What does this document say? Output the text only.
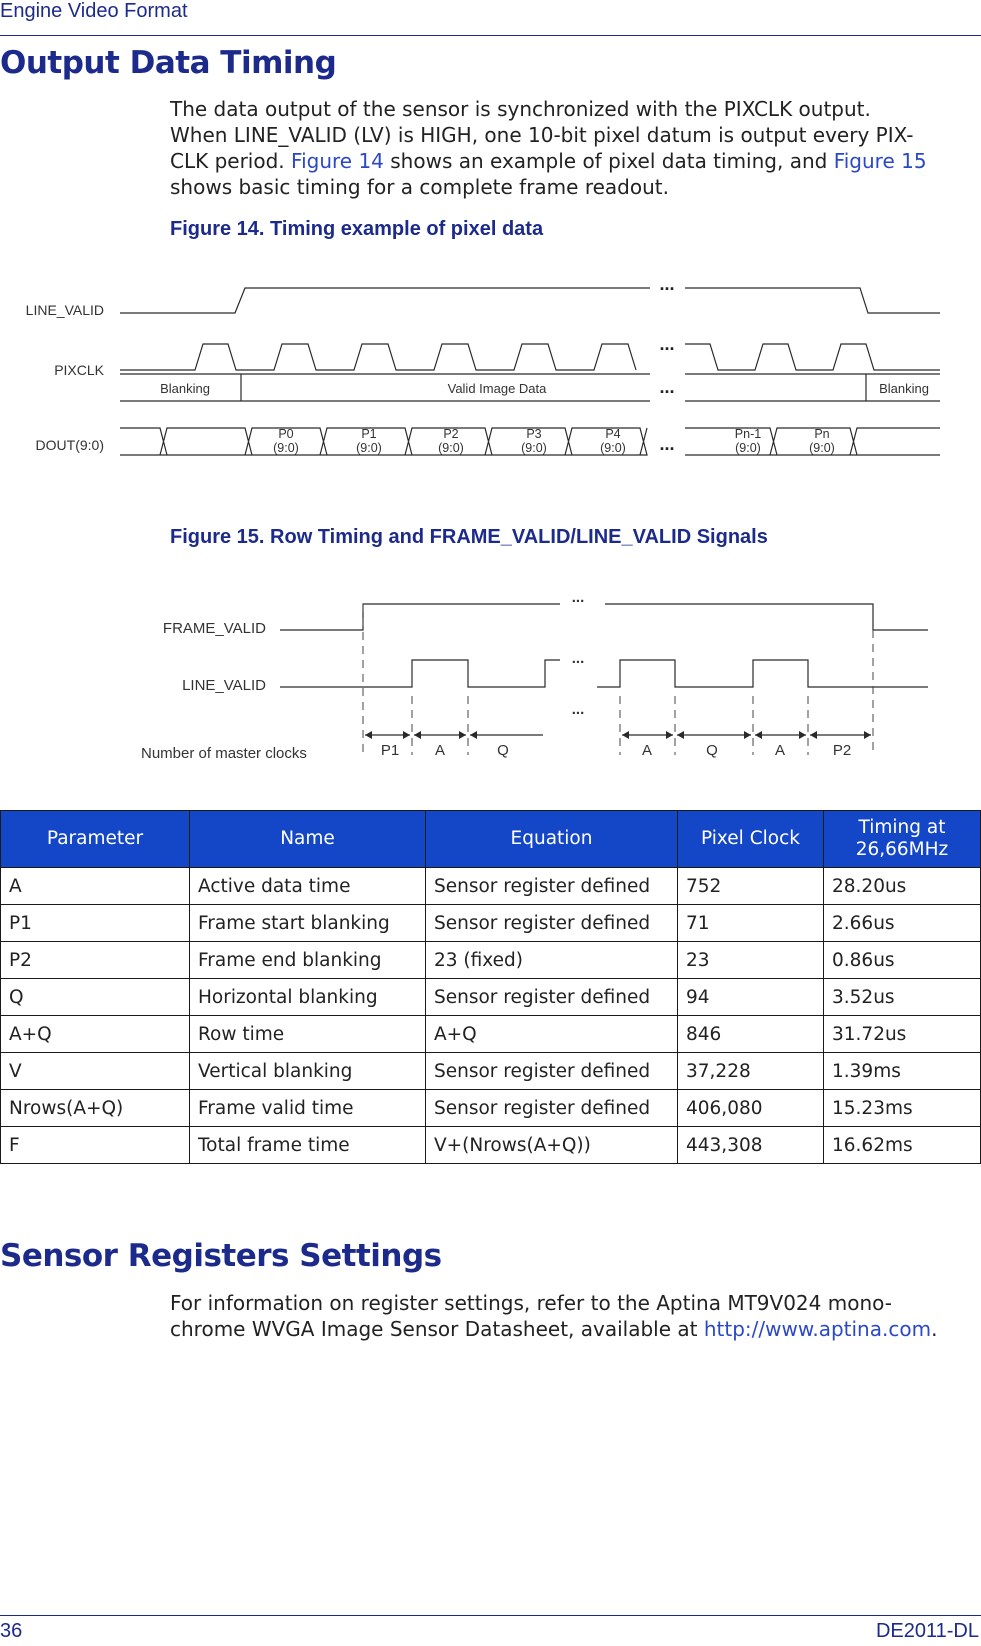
Engine Video Format
Output Data Timing
The data output of the sensor is synchronized with the PIXCLK output.
When LINE_VALID (LV) is HIGH, one 10-bit pixel datum is output every PIX-
CLK period. Figure 14 shows an example of pixel data timing, and Figure 15
shows basic timing for a complete frame readout.
Figure 14. Timing example of pixel data
LINE_VALID
PIXCLK
DOUT(9:0)
Blanking	Valid Image Data	Blanking
...
...
...
...
P0
(9:0)
P1
(9:0)
P2
(9:0)
P3
(9:0)
P4
(9:0)
Pn-1
(9:0)
Pn
(9:0)
Figure 15. Row Timing and FRAME_VALID/LINE_VALID Signals
FRAME_VALID
LINE_VALID
Number of master clocks
...
...
...
P1 A	Q	A	Q	A	P2
Parameter	Name	Equation	Pixel Clock	Timing at 26,66MHz
A	Active data time	Sensor register defined	752	28.20us
P1	Frame start blanking	Sensor register defined	71	2.66us
P2	Frame end blanking	23 (fixed)	23	0.86us
Q	Horizontal blanking	Sensor register defined	94	3.52us
A+Q	Row time	A+Q	846	31.72us
V	Vertical blanking	Sensor register defined	37,228	1.39ms
Nrows(A+Q)	Frame valid time	Sensor register defined	406,080	15.23ms
F	Total frame time	V+(Nrows(A+Q))	443,308	16.62ms
Sensor Registers Settings
For information on register settings, refer to the Aptina MT9V024 mono-
chrome WVGA Image Sensor Datasheet, available at http://www.aptina.com.
36	DE2011-DL
